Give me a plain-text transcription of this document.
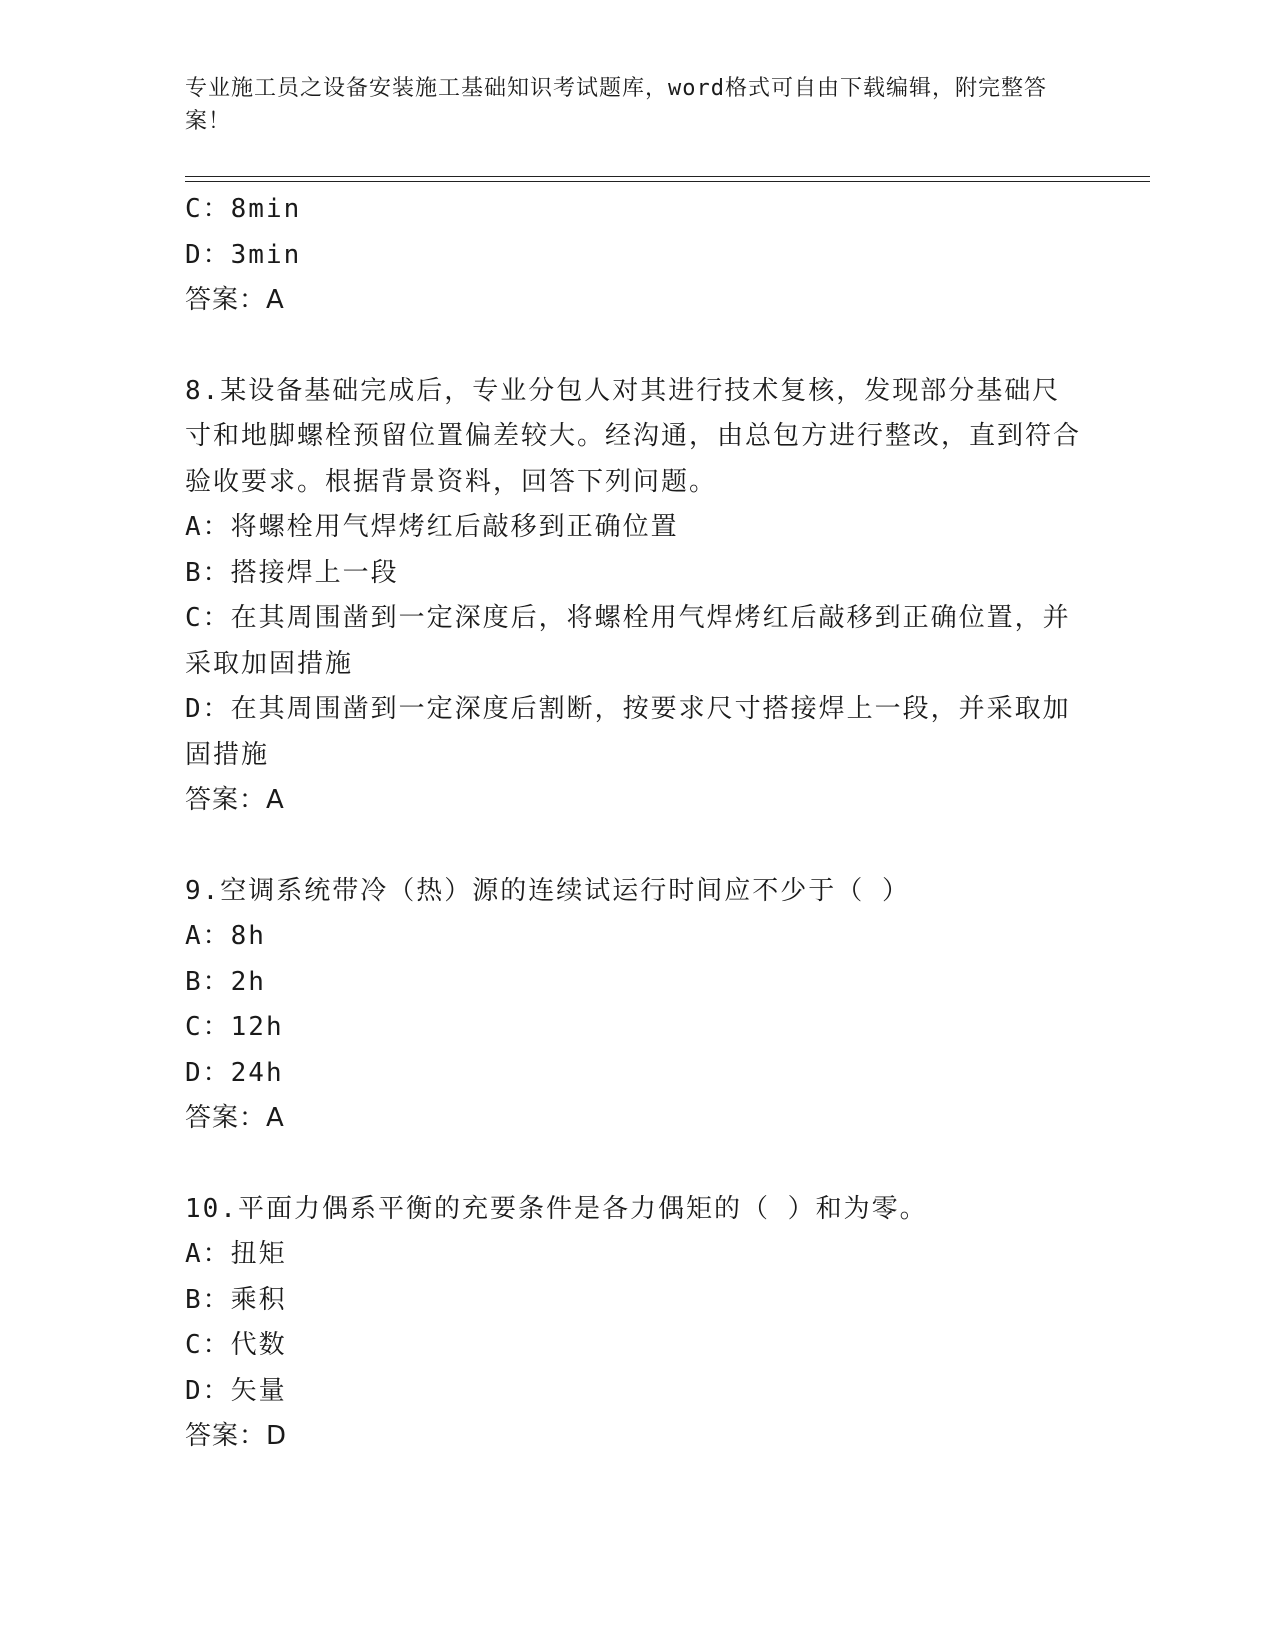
专业施工员之设备安装施工基础知识考试题库，word格式可自由下载编辑，附完整答案！

C：8min

D：3min

答案：A

8.某设备基础完成后，专业分包人对其进行技术复核，发现部分基础尺寸和地脚螺栓预留位置偏差较大。经沟通，由总包方进行整改，直到符合验收要求。根据背景资料，回答下列问题。

A：将螺栓用气焊烤红后敲移到正确位置

B：搭接焊上一段

C：在其周围凿到一定深度后，将螺栓用气焊烤红后敲移到正确位置，并采取加固措施

D：在其周围凿到一定深度后割断，按要求尺寸搭接焊上一段，并采取加固措施

答案：A

9.空调系统带冷（热）源的连续试运行时间应不少于（ ）

A：8h

B：2h

C：12h

D：24h

答案：A

10.平面力偶系平衡的充要条件是各力偶矩的（ ）和为零。

A：扭矩

B：乘积

C：代数

D：矢量

答案：D
